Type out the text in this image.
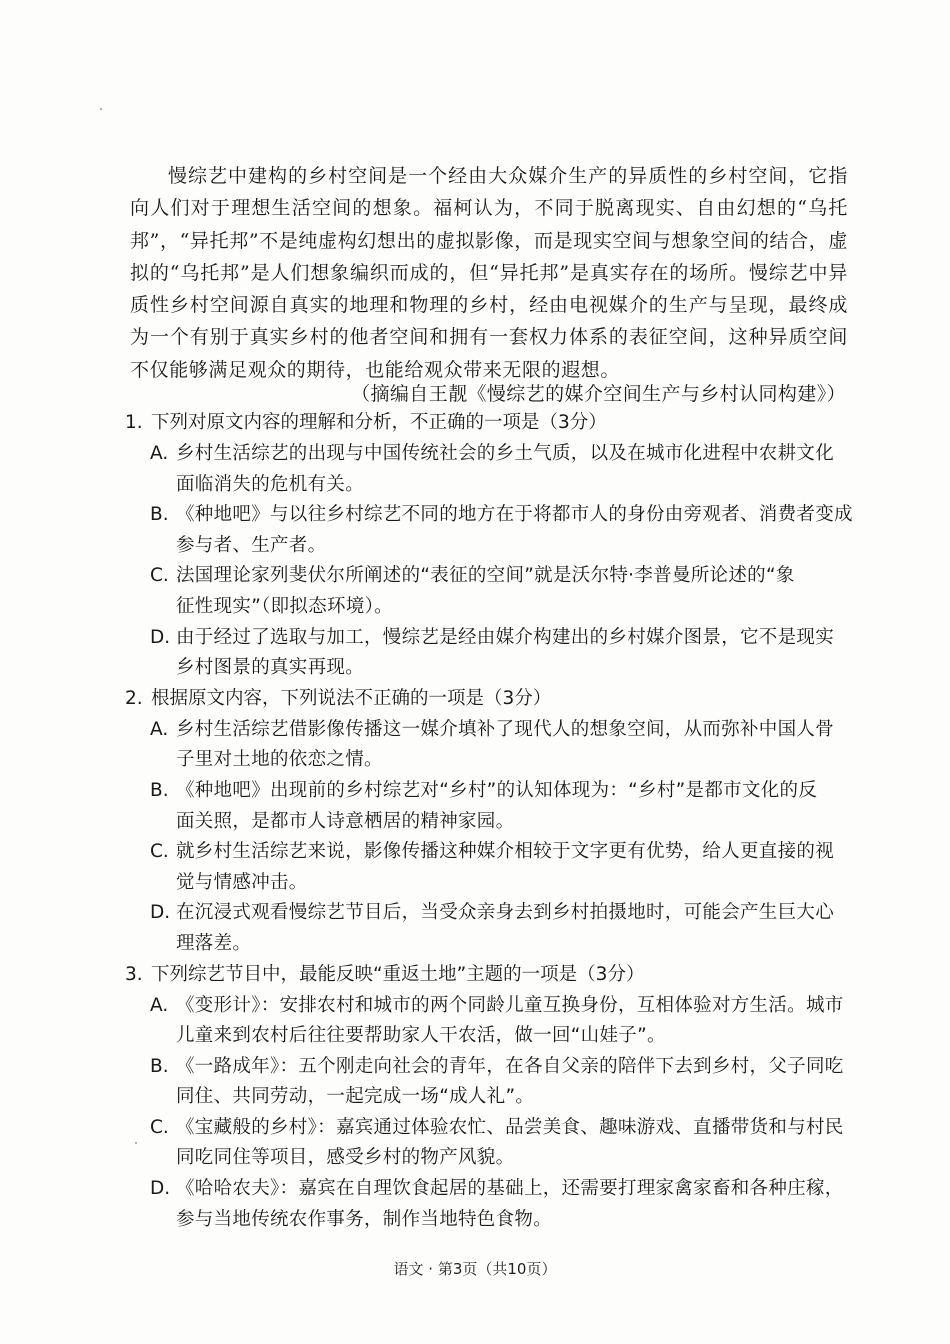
慢综艺中建构的乡村空间是一个经由大众媒介生产的异质性的乡村空间，它指向人们对于理想生活空间的想象。福柯认为，不同于脱离现实、自由幻想的“乌托邦”，“异托邦”不是纯虚构幻想出的虚拟影像，而是现实空间与想象空间的结合，虚拟的“乌托邦”是人们想象编织而成的，但“异托邦”是真实存在的场所。慢综艺中异质性乡村空间源自真实的地理和物理的乡村，经由电视媒介的生产与呈现，最终成为一个有别于真实乡村的他者空间和拥有一套权力体系的表征空间，这种异质空间不仅能够满足观众的期待，也能给观众带来无限的遐想。

（摘编自王靓《慢综艺的媒介空间生产与乡村认同构建》）
1. 下列对原文内容的理解和分析，不正确的一项是（3分）
A. 乡村生活综艺的出现与中国传统社会的乡土气质，以及在城市化进程中农耕文化
面临消失的危机有关。
B. 《种地吧》与以往乡村综艺不同的地方在于将都市人的身份由旁观者、消费者变成
参与者、生产者。
C. 法国理论家列斐伏尔所阐述的“表征的空间”就是沃尔特·李普曼所论述的“象
征性现实”（即拟态环境）。
D. 由于经过了选取与加工，慢综艺是经由媒介构建出的乡村媒介图景，它不是现实
乡村图景的真实再现。
2. 根据原文内容，下列说法不正确的一项是（3分）
A. 乡村生活综艺借影像传播这一媒介填补了现代人的想象空间，从而弥补中国人骨
子里对土地的依恋之情。
B. 《种地吧》出现前的乡村综艺对“乡村”的认知体现为：“乡村”是都市文化的反
面关照，是都市人诗意栖居的精神家园。
C. 就乡村生活综艺来说，影像传播这种媒介相较于文字更有优势，给人更直接的视
觉与情感冲击。
D. 在沉浸式观看慢综艺节目后，当受众亲身去到乡村拍摄地时，可能会产生巨大心
理落差。
3. 下列综艺节目中，最能反映“重返土地”主题的一项是（3分）
A. 《变形计》：安排农村和城市的两个同龄儿童互换身份，互相体验对方生活。城市
儿童来到农村后往往要帮助家人干农活，做一回“山娃子”。
B. 《一路成年》：五个刚走向社会的青年，在各自父亲的陪伴下去到乡村，父子同吃
同住、共同劳动，一起完成一场“成人礼”。
C. 《宝藏般的乡村》：嘉宾通过体验农忙、品尝美食、趣味游戏、直播带货和与村民
同吃同住等项目，感受乡村的物产风貌。
D. 《哈哈农夫》：嘉宾在自理饮食起居的基础上，还需要打理家禽家畜和各种庄稼，
参与当地传统农作事务，制作当地特色食物。
语文 · 第3页（共10页）
